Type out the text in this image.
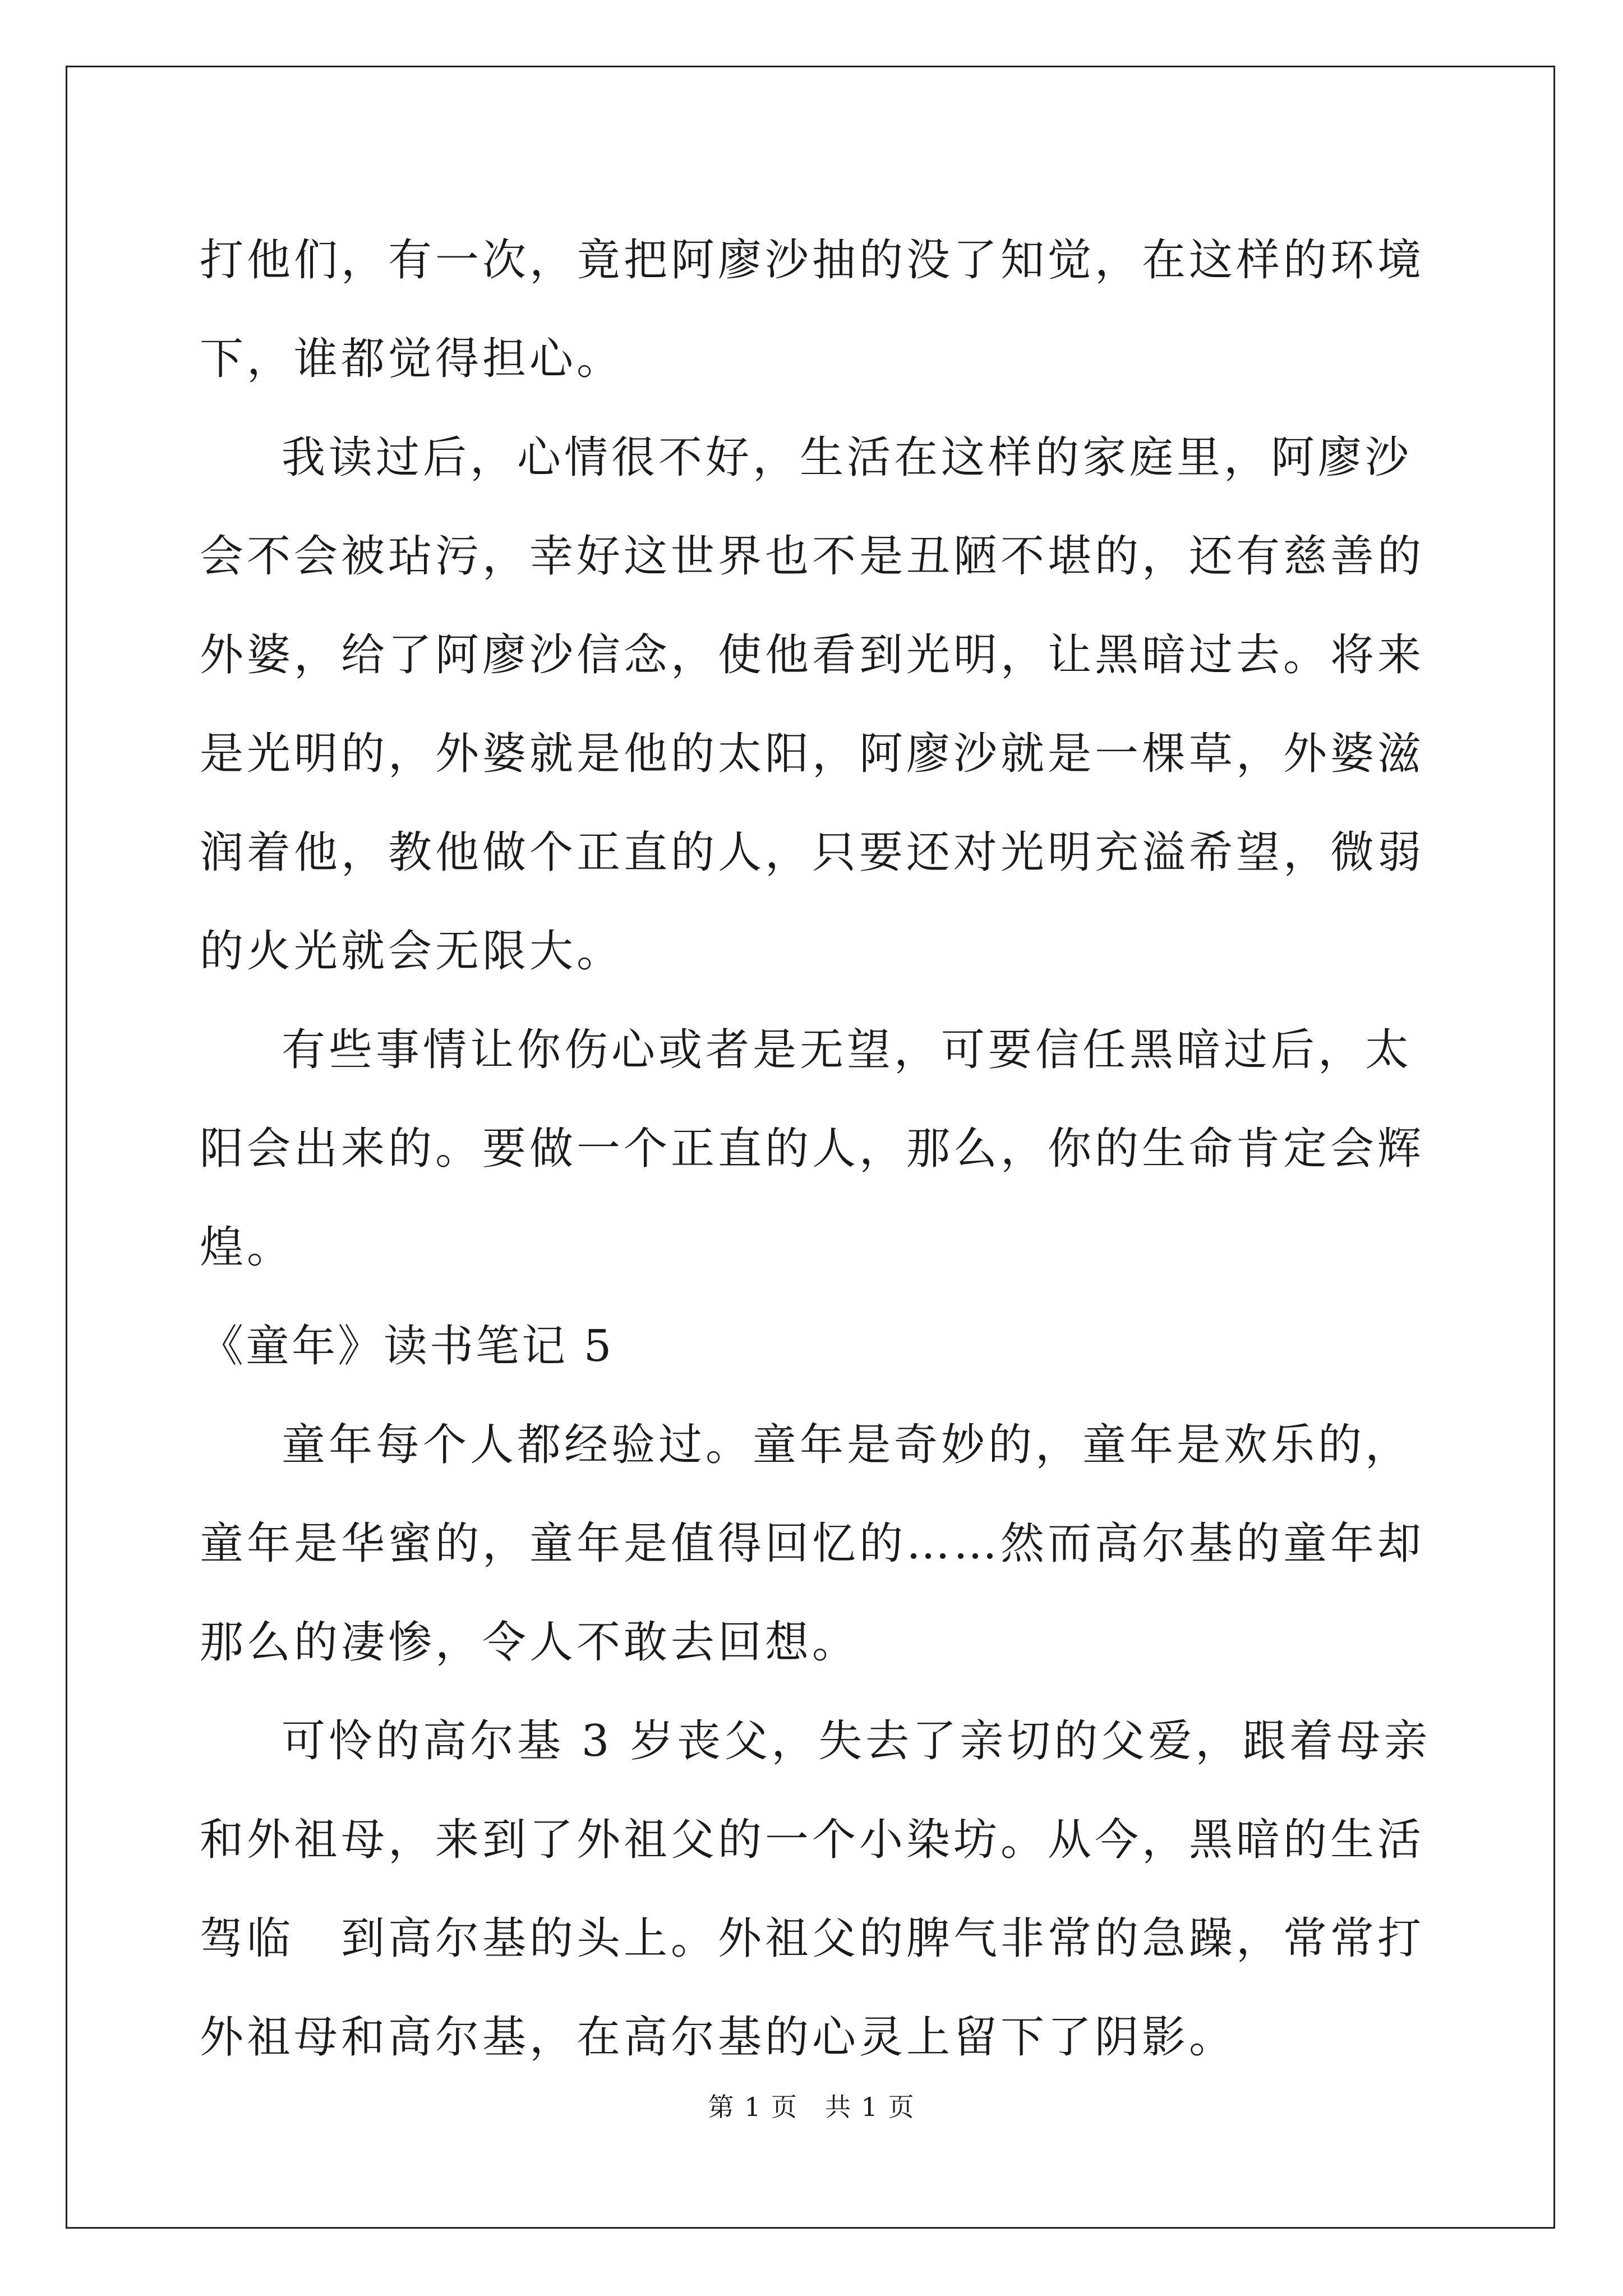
打他们，有一次，竟把阿廖沙抽的没了知觉，在这样的环境下，谁都觉得担心。

我读过后，心情很不好，生活在这样的家庭里，阿廖沙会不会被玷污，幸好这世界也不是丑陋不堪的，还有慈善的外婆，给了阿廖沙信念，使他看到光明，让黑暗过去。将来是光明的，外婆就是他的太阳，阿廖沙就是一棵草，外婆滋润着他，教他做个正直的人，只要还对光明充溢希望，微弱的火光就会无限大。

有些事情让你伤心或者是无望，可要信任黑暗过后，太阳会出来的。要做一个正直的人，那么，你的生命肯定会辉煌。

《童年》读书笔记 5

童年每个人都经验过。童年是奇妙的，童年是欢乐的，童年是华蜜的，童年是值得回忆的……然而高尔基的童年却那么的凄惨，令人不敢去回想。

可怜的高尔基 3 岁丧父，失去了亲切的父爱，跟着母亲和外祖母，来到了外祖父的一个小染坊。从今，黑暗的生活驾临　到高尔基的头上。外祖父的脾气非常的急躁，常常打外祖母和高尔基，在高尔基的心灵上留下了阴影。

第 1 页　共 1 页
